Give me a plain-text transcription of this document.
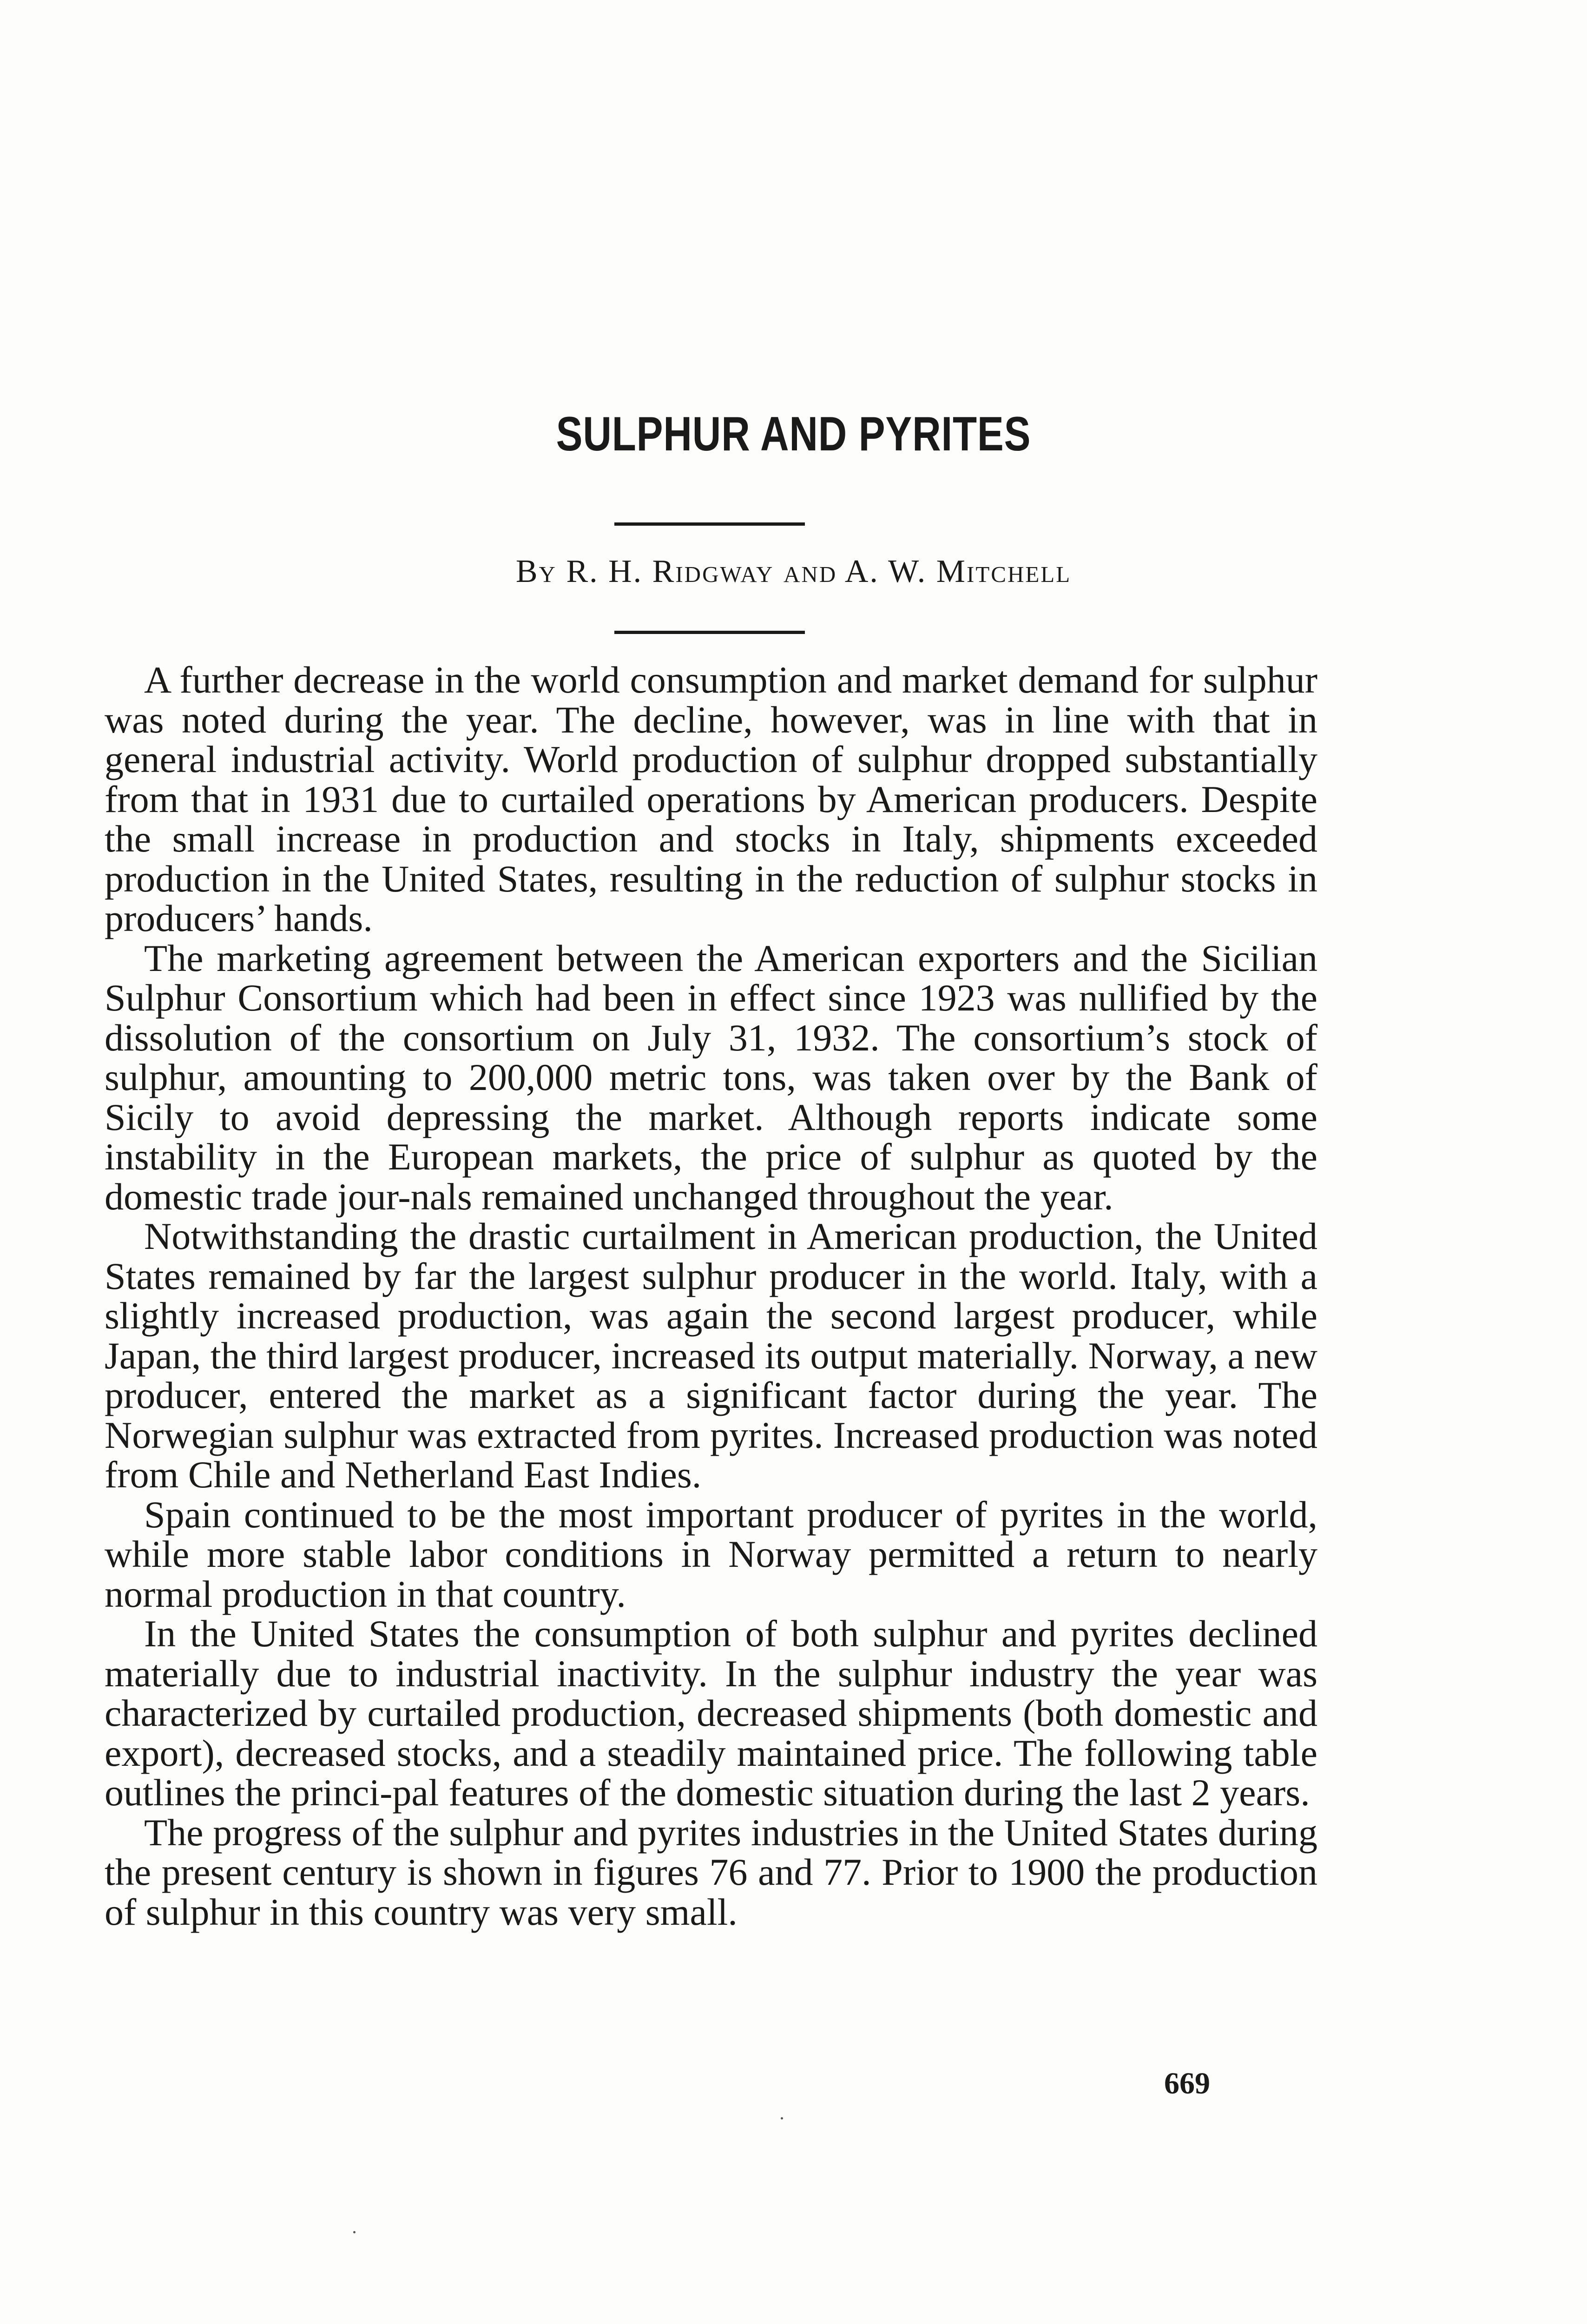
SULPHUR AND PYRITES
By R. H. Ridgway and A. W. Mitchell

A further decrease in the world consumption and market demand for sulphur was noted during the year. The decline, however, was in line with that in general industrial activity. World production of sulphur dropped substantially from that in 1931 due to curtailed operations by American producers. Despite the small increase in production and stocks in Italy, shipments exceeded production in the United States, resulting in the reduction of sulphur stocks in producers’ hands.

The marketing agreement between the American exporters and the Sicilian Sulphur Consortium which had been in effect since 1923 was nullified by the dissolution of the consortium on July 31, 1932. The consortium’s stock of sulphur, amounting to 200,000 metric tons, was taken over by the Bank of Sicily to avoid depressing the market. Although reports indicate some instability in the European markets, the price of sulphur as quoted by the domestic trade jour-nals remained unchanged throughout the year.

Notwithstanding the drastic curtailment in American production, the United States remained by far the largest sulphur producer in the world. Italy, with a slightly increased production, was again the second largest producer, while Japan, the third largest producer, increased its output materially. Norway, a new producer, entered the market as a significant factor during the year. The Norwegian sulphur was extracted from pyrites. Increased production was noted from Chile and Netherland East Indies.

Spain continued to be the most important producer of pyrites in the world, while more stable labor conditions in Norway permitted a return to nearly normal production in that country.

In the United States the consumption of both sulphur and pyrites declined materially due to industrial inactivity. In the sulphur industry the year was characterized by curtailed production, decreased shipments (both domestic and export), decreased stocks, and a steadily maintained price. The following table outlines the princi-pal features of the domestic situation during the last 2 years.

The progress of the sulphur and pyrites industries in the United States during the present century is shown in figures 76 and 77. Prior to 1900 the production of sulphur in this country was very small.

669
